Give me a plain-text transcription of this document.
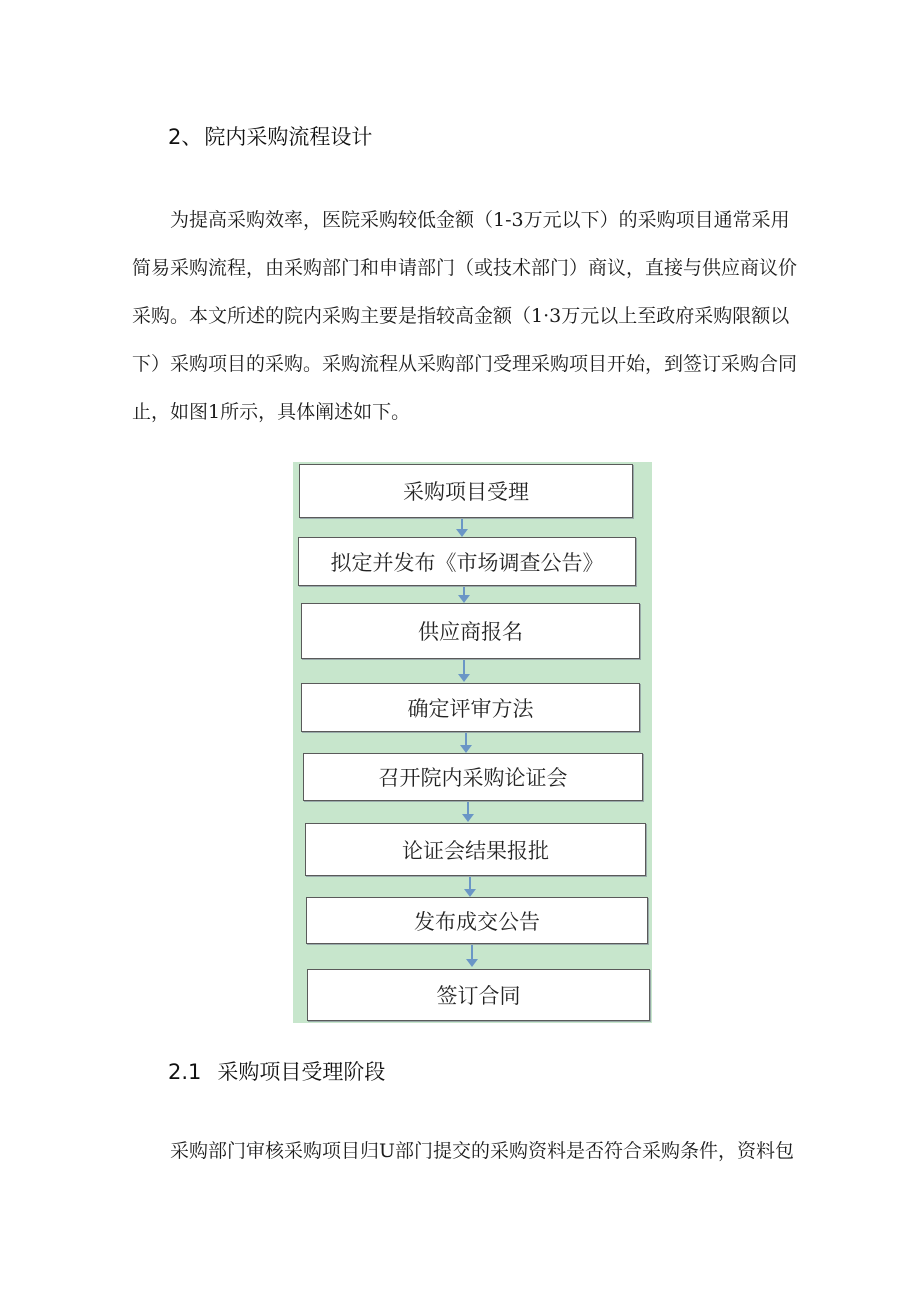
2、院内采购流程设计
为提高采购效率，医院采购较低金额（1-3万元以下）的采购项目通常采用
简易采购流程，由采购部门和申请部门（或技术部门）商议，直接与供应商议价
采购。本文所述的院内采购主要是指较高金额（1·3万元以上至政府采购限额以
下）采购项目的采购。采购流程从采购部门受理采购项目开始，到签订采购合同
止，如图1所示，具体阐述如下。
采购项目受理
拟定并发布《市场调查公告》
供应商报名
确定评审方法
召开院内采购论证会
论证会结果报批
发布成交公告
签订合同
2.1 采购项目受理阶段
采购部门审核采购项目归U部门提交的采购资料是否符合采购条件，资料包
